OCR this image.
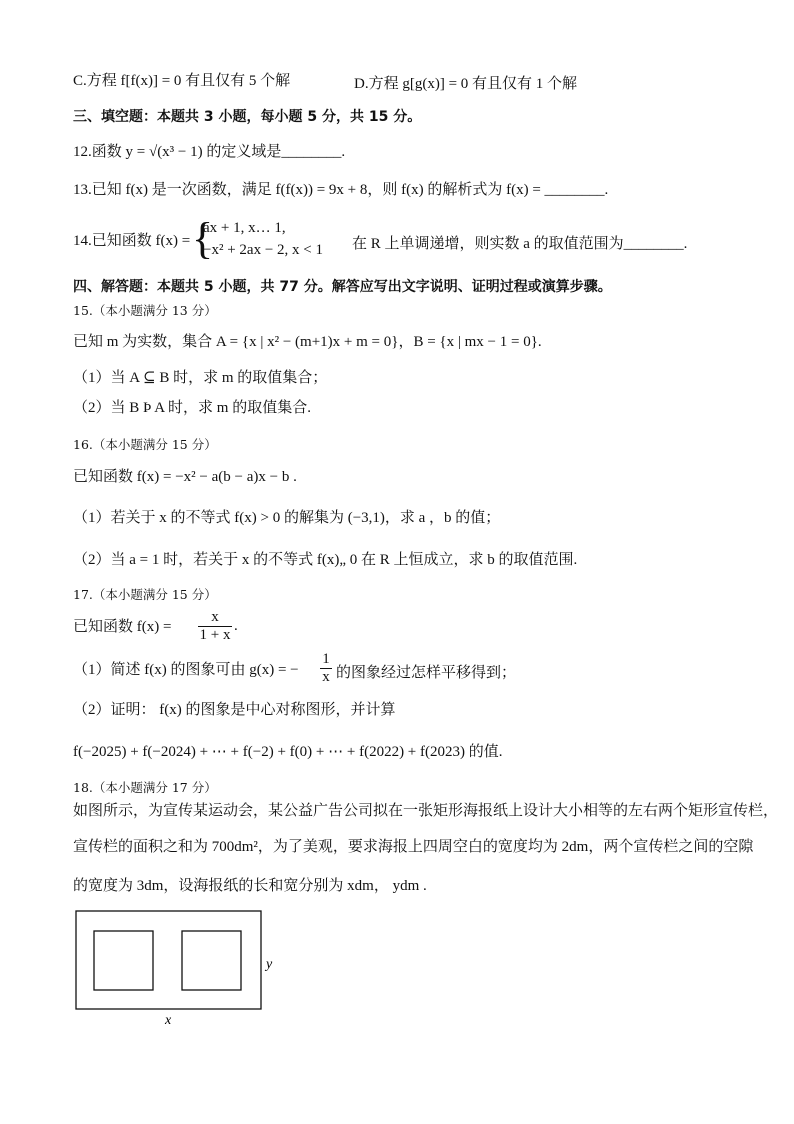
C.方程 f[f(x)] = 0 有且仅有 5 个解	D.方程 g[g(x)] = 0 有且仅有 1 个解
三、填空题：本题共 3 小题，每小题 5 分，共 15 分。
12.函数 y = √(x³ − 1) 的定义域是________.
13.已知 f(x) 是一次函数，满足 f(f(x)) = 9x + 8，则 f(x) 的解析式为 f(x) = ________.
14.已知函数 f(x) = {
ax + 1, x… 1,
−x² + 2ax − 2, x < 1 在 R 上单调递增，则实数 a 的取值范围为________.
四、解答题：本题共 5 小题，共 77 分。解答应写出文字说明、证明过程或演算步骤。
15.（本小题满分 13 分）
已知 m 为实数，集合 A = {x | x² − (m+1)x + m = 0}，B = {x | mx − 1 = 0}.
（1）当 A ⊆ B 时，求 m 的取值集合；
（2）当 B Þ A 时，求 m 的取值集合.
16.（本小题满分 15 分）
已知函数 f(x) = −x² − a(b − a)x − b .
（1）若关于 x 的不等式 f(x) > 0 的解集为 (−3,1)，求 a ，b 的值；
（2）当 a = 1 时，若关于 x 的不等式 f(x)„ 0 在 R 上恒成立，求 b 的取值范围.
17.（本小题满分 15 分）
已知函数 $f(x) = \frac{x}{1 + x}$ .
（1）简述 f(x) 的图象可由 g(x) = − $\frac{1}{x}$ 的图象经过怎样平移得到；
（2）证明： f(x) 的图象是中心对称图形，并计算
f(−2025) + f(−2024) + ⋯ + f(−2) + f(0) + ⋯ + f(2022) + f(2023) 的值.
18.（本小题满分 17 分）
如图所示，为宣传某运动会，某公益广告公司拟在一张矩形海报纸上设计大小相等的左右两个矩形宣传栏，
宣传栏的面积之和为 700dm²，为了美观，要求海报上四周空白的宽度均为 2dm，两个宣传栏之间的空隙
的宽度为 3dm，设海报纸的长和宽分别为 xdm， ydm .
y
x
